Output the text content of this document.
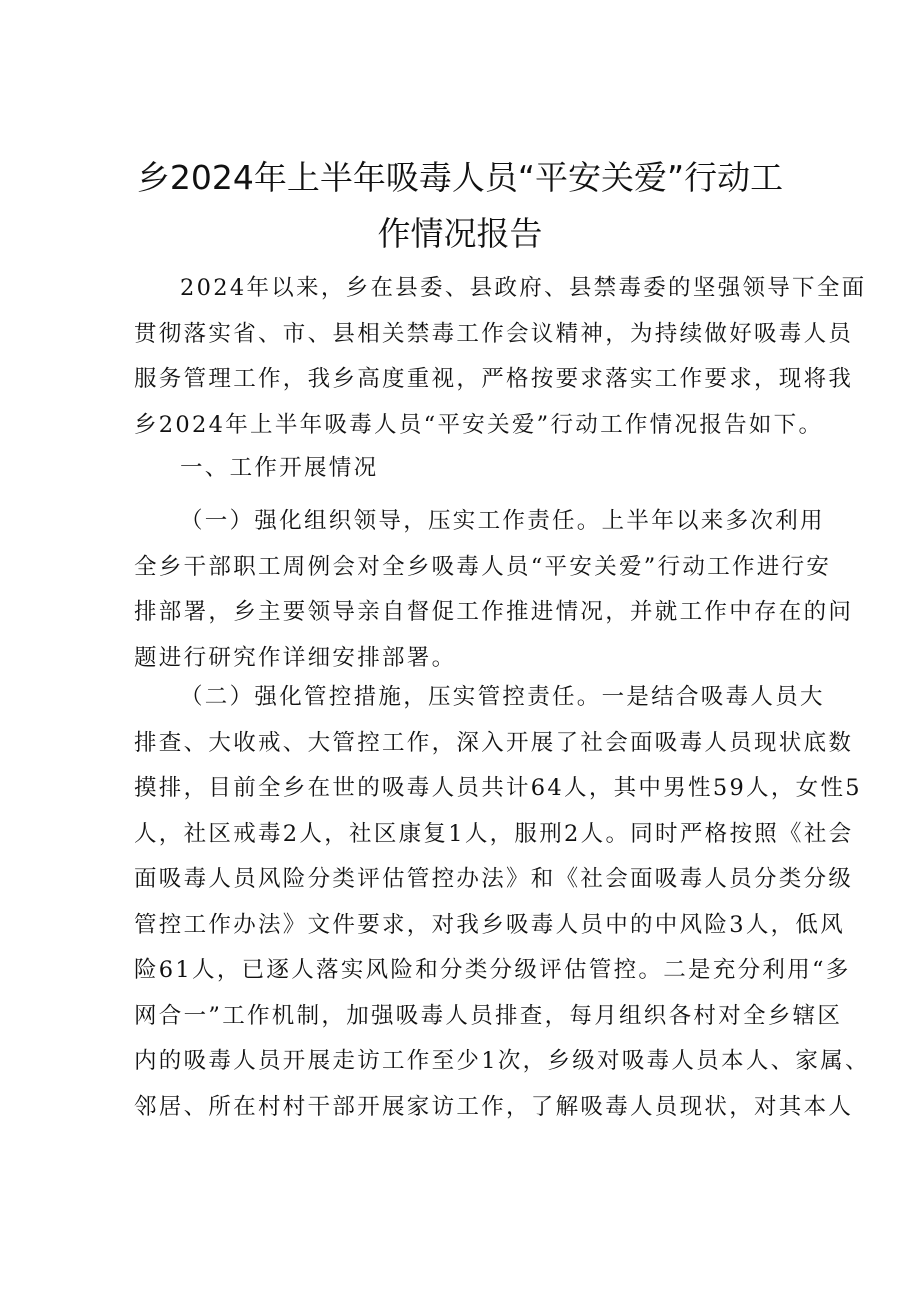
乡2024年上半年吸毒人员“平安关爱”行动工
作情况报告
2024年以来，乡在县委、县政府、县禁毒委的坚强领导下全面
贯彻落实省、市、县相关禁毒工作会议精神，为持续做好吸毒人员
服务管理工作，我乡高度重视，严格按要求落实工作要求，现将我
乡2024年上半年吸毒人员“平安关爱”行动工作情况报告如下。
一、工作开展情况
（一）强化组织领导，压实工作责任。上半年以来多次利用
全乡干部职工周例会对全乡吸毒人员“平安关爱”行动工作进行安
排部署，乡主要领导亲自督促工作推进情况，并就工作中存在的问
题进行研究作详细安排部署。
（二）强化管控措施，压实管控责任。一是结合吸毒人员大
排查、大收戒、大管控工作，深入开展了社会面吸毒人员现状底数
摸排，目前全乡在世的吸毒人员共计64人，其中男性59人，女性5
人，社区戒毒2人，社区康复1人，服刑2人。同时严格按照《社会
面吸毒人员风险分类评估管控办法》和《社会面吸毒人员分类分级
管控工作办法》文件要求，对我乡吸毒人员中的中风险3人，低风
险61人，已逐人落实风险和分类分级评估管控。二是充分利用“多
网合一”工作机制，加强吸毒人员排查，每月组织各村对全乡辖区
内的吸毒人员开展走访工作至少1次，乡级对吸毒人员本人、家属、
邻居、所在村村干部开展家访工作，了解吸毒人员现状，对其本人
